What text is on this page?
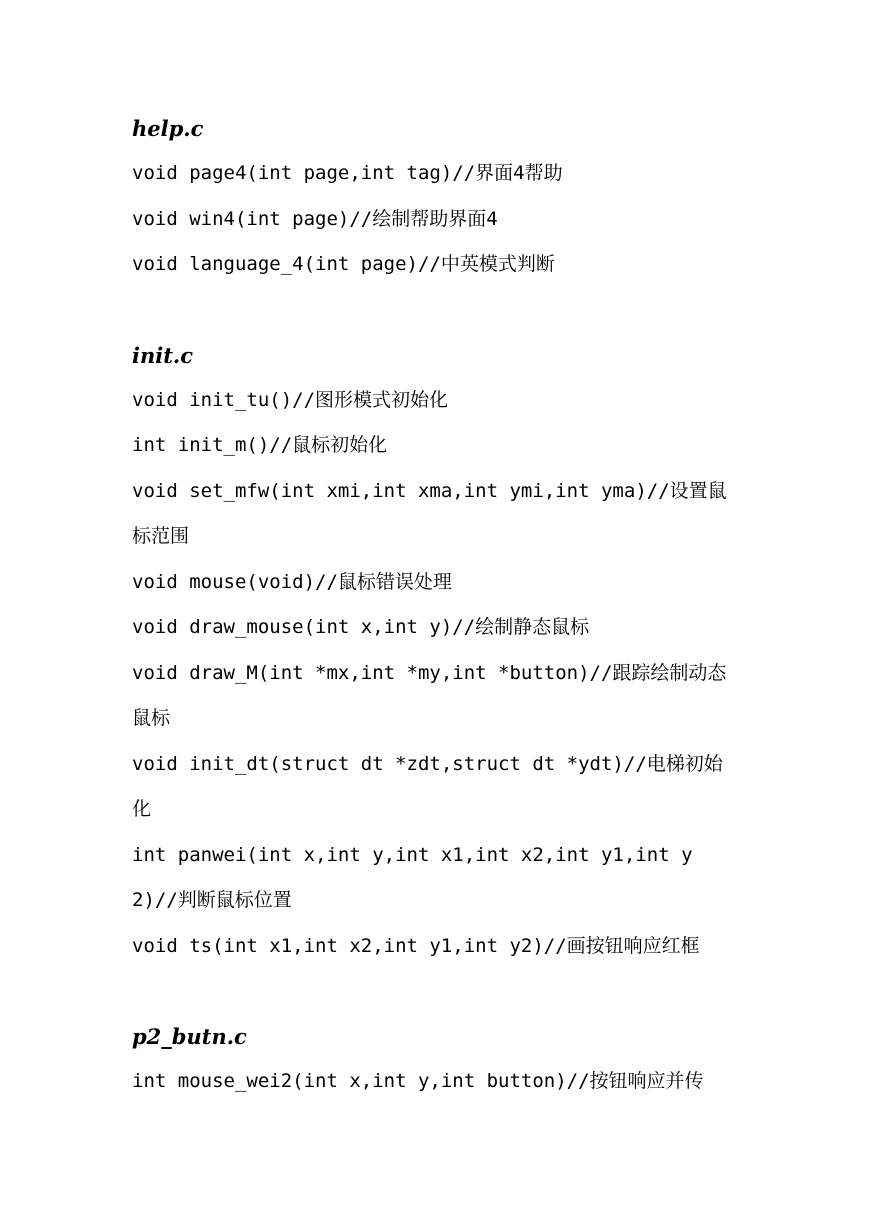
help.c
void page4(int page,int tag)//界面4帮助
void win4(int page)//绘制帮助界面4
void language_4(int page)//中英模式判断
init.c
void init_tu()//图形模式初始化
int init_m()//鼠标初始化
void set_mfw(int xmi,int xma,int ymi,int yma)//设置鼠标范围
void mouse(void)//鼠标错误处理
void draw_mouse(int x,int y)//绘制静态鼠标
void draw_M(int *mx,int *my,int *button)//跟踪绘制动态鼠标
void init_dt(struct dt *zdt,struct dt *ydt)//电梯初始化
int panwei(int x,int y,int x1,int x2,int y1,int y2)//判断鼠标位置
void ts(int x1,int x2,int y1,int y2)//画按钮响应红框
p2_butn.c
int mouse_wei2(int x,int y,int button)//按钮响应并传
